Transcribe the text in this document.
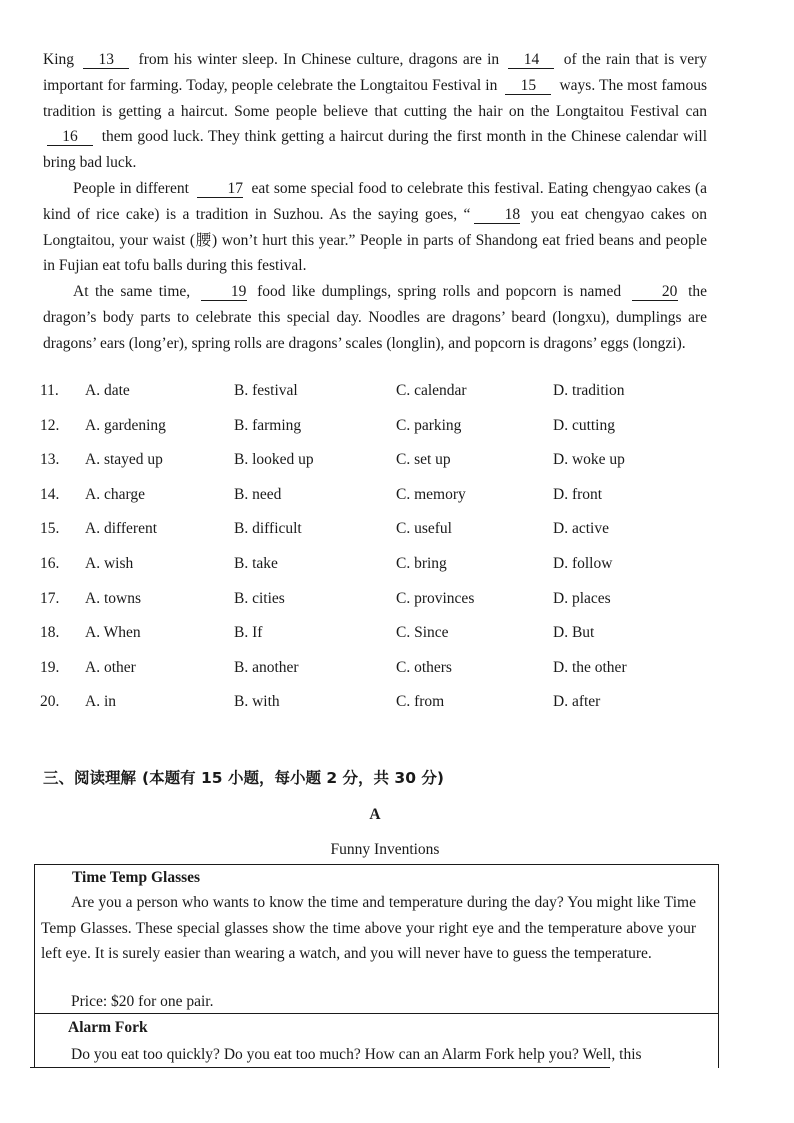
King 13 from his winter sleep. In Chinese culture, dragons are in 14 of the rain that is very important for farming. Today, people celebrate the Longtaitou Festival in 15 ways. The most famous tradition is getting a haircut. Some people believe that cutting the hair on the Longtaitou Festival can 16 them good luck. They think getting a haircut during the first month in the Chinese calendar will bring bad luck.
People in different 17 eat some special food to celebrate this festival. Eating chengyao cakes (a kind of rice cake) is a tradition in Suzhou. As the saying goes, “ 18 you eat chengyao cakes on Longtaitou, your waist (腰) won’t hurt this year.” People in parts of Shandong eat fried beans and people in Fujian eat tofu balls during this festival.
At the same time,	19 food like dumplings, spring rolls and popcorn is named	20 the dragon’s body parts to celebrate this special day. Noodles are dragons’ beard (longxu), dumplings are dragons’ ears (long’er), spring rolls are dragons’ scales (longlin), and popcorn is dragons’ eggs (longzi).
11.	A. date	B. festival	C. calendar	D. tradition
12.	A. gardening	B. farming	C. parking	D. cutting
13.	A. stayed up	B. looked up	C. set up	D. woke up
14.	A. charge	B. need	C. memory	D. front
15.	A. different	B. difficult	C. useful	D. active
16.	A. wish	B. take	C. bring	D. follow
17.	A. towns	B. cities	C. provinces	D. places
18.	A. When	B. If	C. Since	D. But
19.	A. other	B. another	C. others	D. the other
20.	A. in	B. with	C. from	D. after
三、阅读理解 (本题有 15 小题，每小题 2 分，共 30 分)
A
Funny Inventions
Time Temp Glasses
Are you a person who wants to know the time and temperature during the day? You might like Time Temp Glasses. These special glasses show the time above your right eye and the temperature above your left eye. It is surely easier than wearing a watch, and you will never have to guess the temperature.
Price: $20 for one pair.
Alarm Fork
Do you eat too quickly? Do you eat too much? How can an Alarm Fork help you? Well, this
